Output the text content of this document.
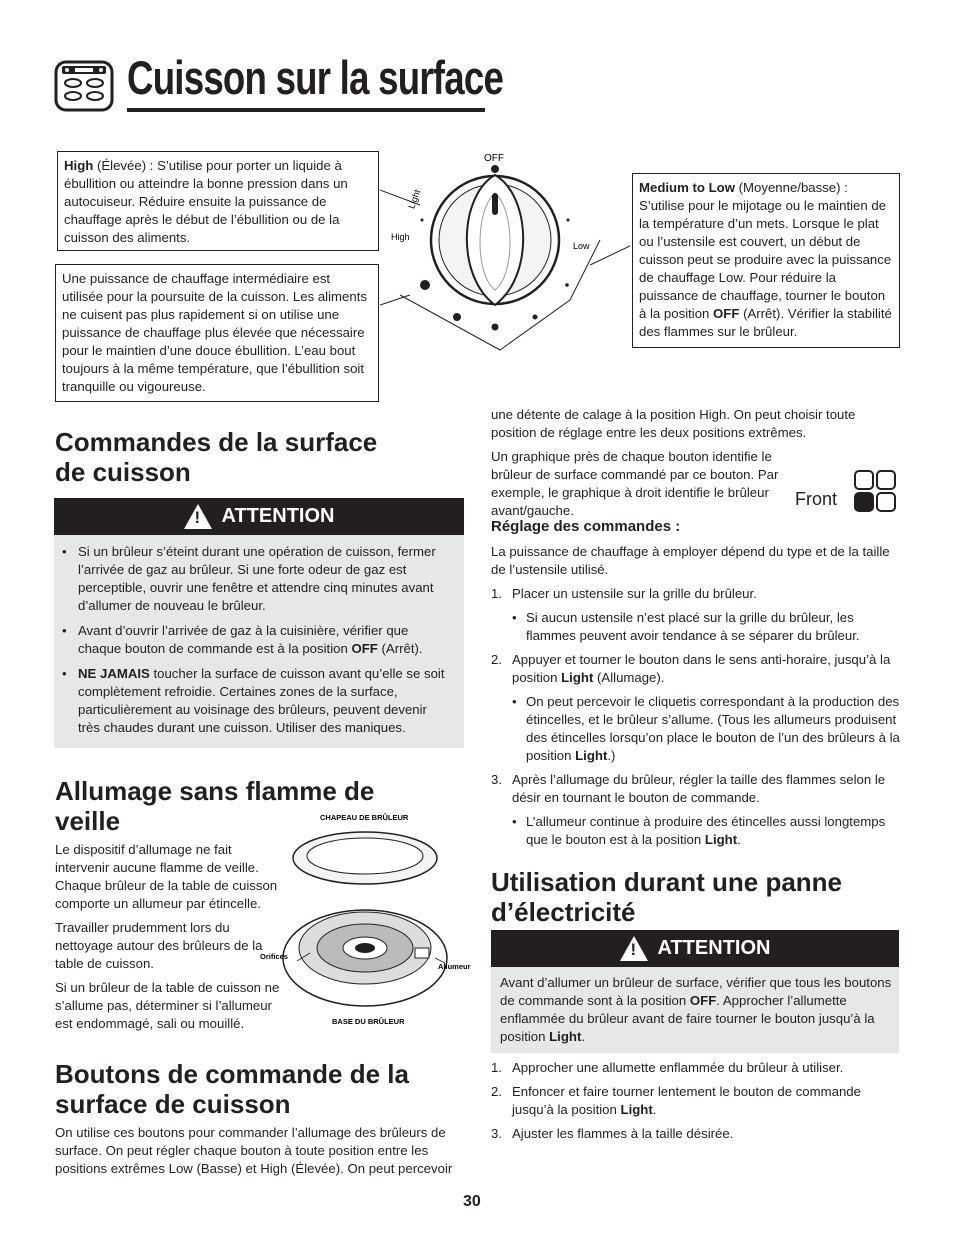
Cuisson sur la surface
High (Élevée) : S’utilise pour porter un liquide à ébullition ou atteindre la bonne pression dans un autocuiseur. Réduire ensuite la puissance de chauffage après le début de l’ébullition ou de la cuisson des aliments.
Une puissance de chauffage intermédiaire est utilisée pour la poursuite de la cuisson. Les aliments ne cuisent pas plus rapidement si on utilise une puissance de chauffage plus élevée que nécessaire pour le maintien d’une douce ébullition. L’eau bout toujours à la même température, que l’ébullition soit tranquille ou vigoureuse.
Medium to Low (Moyenne/basse) : S’utilise pour le mijotage ou le maintien de la température d’un mets. Lorsque le plat ou l’ustensile est couvert, un début de cuisson peut se produire avec la puissance de chauffage Low. Pour réduire la puissance de chauffage, tourner le bouton à la position OFF (Arrêt). Vérifier la stabilité des flammes sur le brûleur.
OFF
Light
High
Low
Commandes de la surface de cuisson
! ATTENTION
• Si un brûleur s’éteint durant une opération de cuisson, fermer l’arrivée de gaz au brûleur. Si une forte odeur de gaz est perceptible, ouvrir une fenêtre et attendre cinq minutes avant d’allumer de nouveau le brûleur.
• Avant d’ouvrir l’arrivée de gaz à la cuisinière, vérifier que chaque bouton de commande est à la position OFF (Arrêt).
• NE JAMAIS toucher la surface de cuisson avant qu’elle se soit complètement refroidie. Certaines zones de la surface, particulièrement au voisinage des brûleurs, peuvent devenir très chaudes durant une cuisson. Utiliser des maniques.
Allumage sans flamme de veille

Le dispositif d’allumage ne fait intervenir aucune flamme de veille. Chaque brûleur de la table de cuisson comporte un allumeur par étincelle.

Travailler prudemment lors du nettoyage autour des brûleurs de la table de cuisson.

Si un brûleur de la table de cuisson ne s’allume pas, déterminer si l’allumeur est endommagé, sali ou mouillé.

CHAPEAU DE BRÛLEUR
Orifices
Allumeur
BASE DU BRÛLEUR
Boutons de commande de la surface de cuisson

On utilise ces boutons pour commander l’allumage des brûleurs de surface. On peut régler chaque bouton à toute position entre les positions extrêmes Low (Basse) et High (Élevée). On peut percevoir

une détente de calage à la position High. On peut choisir toute position de réglage entre les deux positions extrêmes.

Un graphique près de chaque bouton identifie le brûleur de surface commandé par ce bouton. Par exemple, le graphique à droit identifie le brûleur avant/gauche.

Front
Réglage des commandes :

La puissance de chauffage à employer dépend du type et de la taille de l’ustensile utilisé.

1. Placer un ustensile sur la grille du brûleur.
• Si aucun ustensile n’est placé sur la grille du brûleur, les flammes peuvent avoir tendance à se séparer du brûleur.
2. Appuyer et tourner le bouton dans le sens anti-horaire, jusqu’à la position Light (Allumage).
• On peut percevoir le cliquetis correspondant à la production des étincelles, et le brûleur s’allume. (Tous les allumeurs produisent des étincelles lorsqu’on place le bouton de l’un des brûleurs à la position Light.)
3. Après l’allumage du brûleur, régler la taille des flammes selon le désir en tournant le bouton de commande.
• L’allumeur continue à produire des étincelles aussi longtemps que le bouton est à la position Light.
Utilisation durant une panne d’électricité
! ATTENTION
Avant d’allumer un brûleur de surface, vérifier que tous les boutons de commande sont à la position OFF. Approcher l’allumette enflammée du brûleur avant de faire tourner le bouton jusqu’à la position Light.
1. Approcher une allumette enflammée du brûleur à utiliser.
2. Enfoncer et faire tourner lentement le bouton de commande jusqu’à la position Light.
3. Ajuster les flammes à la taille désirée.
30
